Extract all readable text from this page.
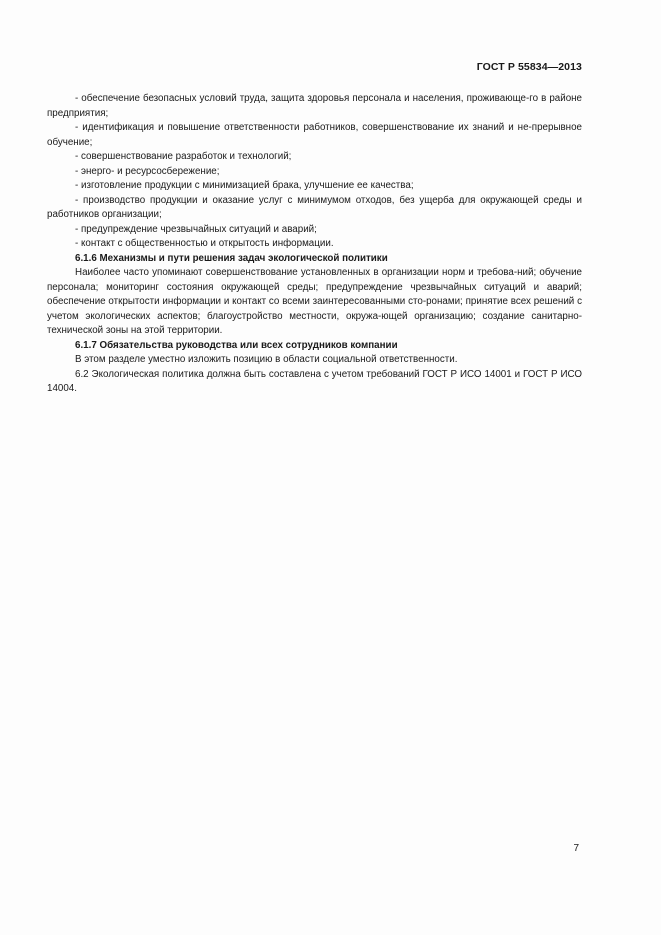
ГОСТ Р 55834—2013

- обеспечение безопасных условий труда, защита здоровья персонала и населения, проживающе-го в районе предприятия;

- идентификация и повышение ответственности работников, совершенствование их знаний и не-прерывное обучение;

- совершенствование разработок и технологий;

- энерго- и ресурсосбережение;

- изготовление продукции с минимизацией брака, улучшение ее качества;

- производство продукции и оказание услуг с минимумом отходов, без ущерба для окружающей среды и работников организации;

- предупреждение чрезвычайных ситуаций и аварий;

- контакт с общественностью и открытость информации.

6.1.6 Механизмы и пути решения задач экологической политики

Наиболее часто упоминают совершенствование установленных в организации норм и требова-ний; обучение персонала; мониторинг состояния окружающей среды; предупреждение чрезвычайных ситуаций и аварий; обеспечение открытости информации и контакт со всеми заинтересованными сто-ронами; принятие всех решений с учетом экологических аспектов; благоустройство местности, окружа-ющей организацию; создание санитарно-технической зоны на этой территории.

6.1.7 Обязательства руководства или всех сотрудников компании

В этом разделе уместно изложить позицию в области социальной ответственности.

6.2 Экологическая политика должна быть составлена с учетом требований ГОСТ Р ИСО 14001 и ГОСТ Р ИСО 14004.

7
